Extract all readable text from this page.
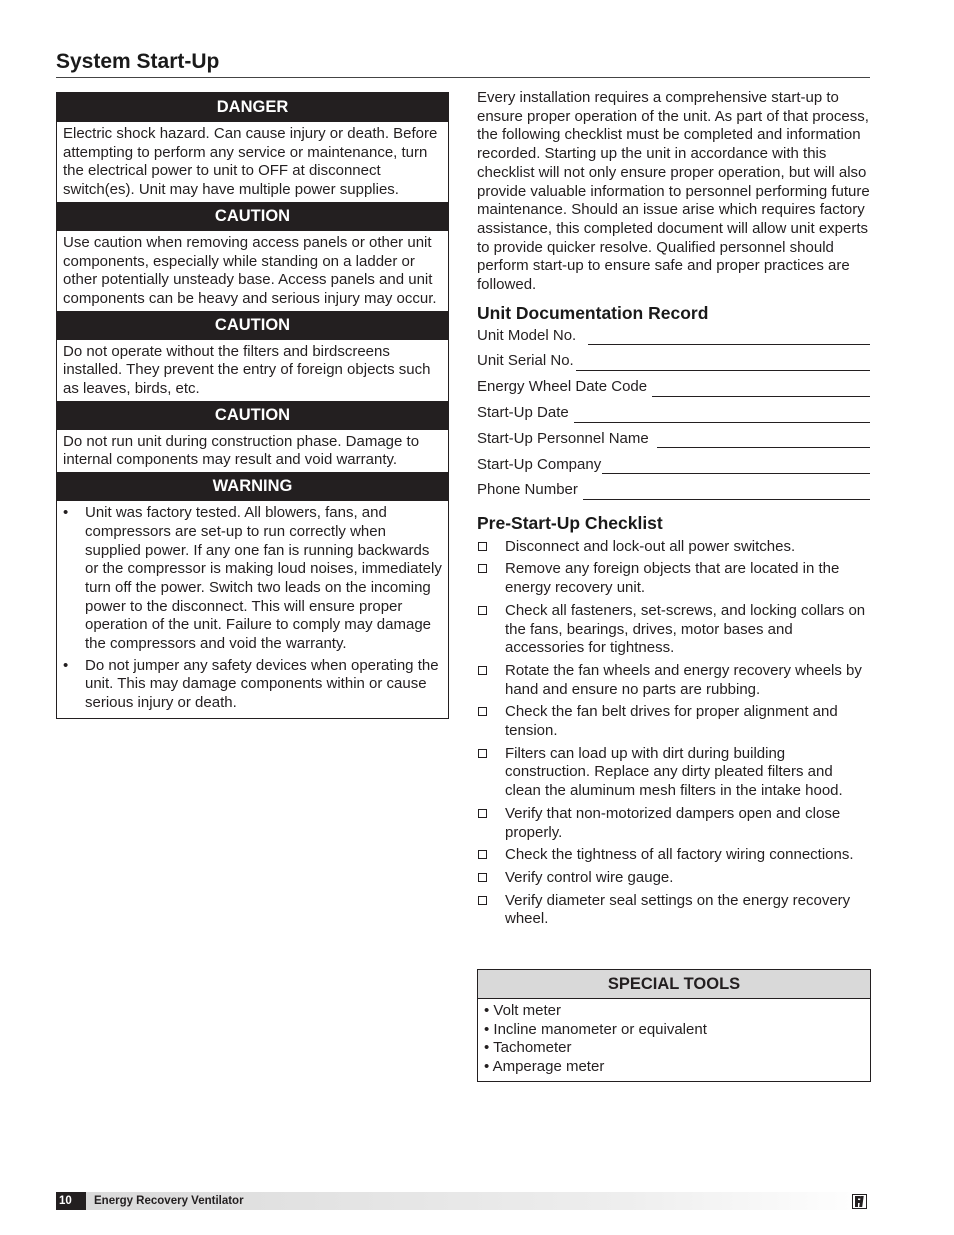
System Start-Up
DANGER
Electric shock hazard. Can cause injury or death. Before attempting to perform any service or maintenance, turn the electrical power to unit to OFF at disconnect switch(es). Unit may have multiple power supplies.
CAUTION
Use caution when removing access panels or other unit components, especially while standing on a ladder or other potentially unsteady base. Access panels and unit components can be heavy and serious injury may occur.
CAUTION
Do not operate without the filters and birdscreens installed. They prevent the entry of foreign objects such as leaves, birds, etc.
CAUTION
Do not run unit during construction phase. Damage to internal components may result and void warranty.
WARNING
• Unit was factory tested. All blowers, fans, and compressors are set-up to run correctly when supplied power. If any one fan is running backwards or the compressor is making loud noises, immediately turn off the power. Switch two leads on the incoming power to the disconnect. This will ensure proper operation of the unit. Failure to comply may damage the compressors and void the warranty.
• Do not jumper any safety devices when operating the unit. This may damage components within or cause serious injury or death.

Every installation requires a comprehensive start-up to ensure proper operation of the unit. As part of that process, the following checklist must be completed and information recorded. Starting up the unit in accordance with this checklist will not only ensure proper operation, but will also provide valuable information to personnel performing future maintenance. Should an issue arise which requires factory assistance, this completed document will allow unit experts to provide quicker resolve. Qualified personnel should perform start-up to ensure safe and proper practices are followed.

Unit Documentation Record
Unit Model No.
Unit Serial No.
Energy Wheel Date Code
Start-Up Date
Start-Up Personnel Name
Start-Up Company
Phone Number
Pre-Start-Up Checklist
Disconnect and lock-out all power switches.
Remove any foreign objects that are located in the energy recovery unit.
Check all fasteners, set-screws, and locking collars on the fans, bearings, drives, motor bases and accessories for tightness.
Rotate the fan wheels and energy recovery wheels by hand and ensure no parts are rubbing.
Check the fan belt drives for proper alignment and tension.
Filters can load up with dirt during building construction. Replace any dirty pleated filters and clean the aluminum mesh filters in the intake hood.
Verify that non-motorized dampers open and close properly.
Check the tightness of all factory wiring connections.
Verify control wire gauge.
Verify diameter seal settings on the energy recovery wheel.
SPECIAL TOOLS
• Volt meter
• Incline manometer or equivalent
• Tachometer
• Amperage meter
10	Energy Recovery Ventilator
